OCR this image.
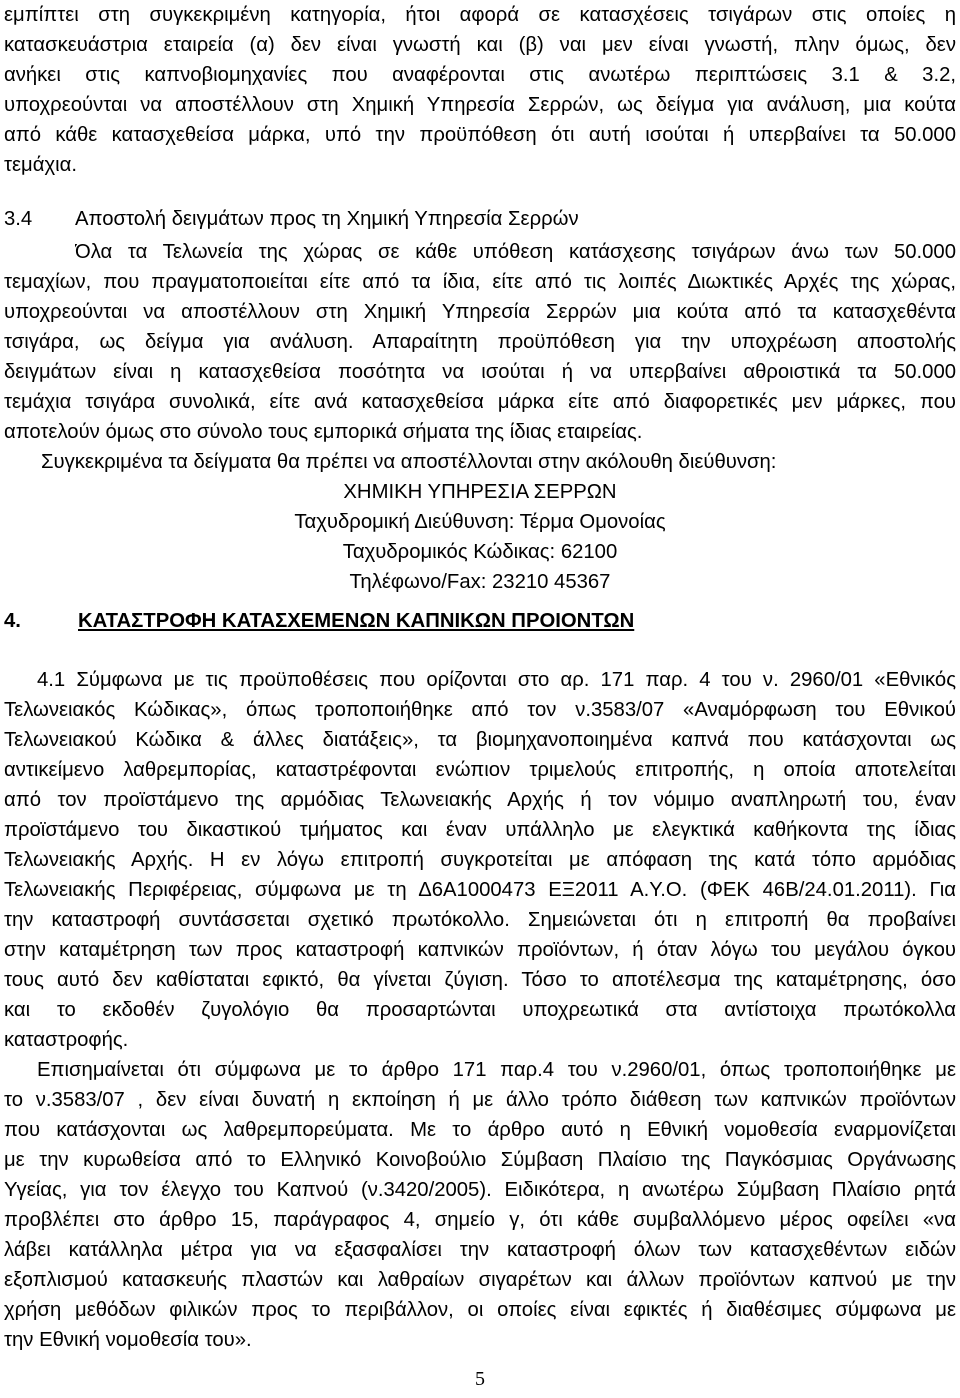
εμπίπτει στη συγκεκριμένη κατηγορία, ήτοι αφορά σε κατασχέσεις τσιγάρων στις οποίες η
κατασκευάστρια εταιρεία (α) δεν είναι γνωστή και (β) ναι μεν είναι γνωστή, πλην όμως, δεν
ανήκει στις καπνοβιομηχανίες που αναφέρονται στις ανωτέρω περιπτώσεις 3.1 & 3.2,
υποχρεούνται να αποστέλλουν στη Χημική Υπηρεσία Σερρών, ως δείγμα για ανάλυση, μια κούτα
από κάθε κατασχεθείσα μάρκα, υπό την προϋπόθεση ότι αυτή ισούται ή υπερβαίνει τα 50.000
τεμάχια.
3.4 Αποστολή δειγμάτων προς τη Χημική Υπηρεσία Σερρών
Όλα τα Τελωνεία της χώρας σε κάθε υπόθεση κατάσχεσης τσιγάρων άνω των 50.000
τεμαχίων, που πραγματοποιείται είτε από τα ίδια, είτε από τις λοιπές Διωκτικές Αρχές της χώρας,
υποχρεούνται να αποστέλλουν στη Χημική Υπηρεσία Σερρών μια κούτα από τα κατασχεθέντα
τσιγάρα, ως δείγμα για ανάλυση. Απαραίτητη προϋπόθεση για την υποχρέωση αποστολής
δειγμάτων είναι η κατασχεθείσα ποσότητα να ισούται ή να υπερβαίνει αθροιστικά τα 50.000
τεμάχια τσιγάρα συνολικά, είτε ανά κατασχεθείσα μάρκα είτε από διαφορετικές μεν μάρκες, που
αποτελούν όμως στο σύνολο τους εμπορικά σήματα της ίδιας εταιρείας.
Συγκεκριμένα τα δείγματα θα πρέπει να αποστέλλονται στην ακόλουθη διεύθυνση:
ΧΗΜΙΚΗ ΥΠΗΡΕΣΙΑ ΣΕΡΡΩΝ
Ταχυδρομική Διεύθυνση: Τέρμα Ομονοίας
Ταχυδρομικός Κώδικας: 62100
Τηλέφωνο/Fax: 23210 45367
4.	ΚΑΤΑΣΤΡΟΦΗ ΚΑΤΑΣΧΕΜΕΝΩΝ ΚΑΠΝΙΚΩΝ ΠΡΟΙΟΝΤΩΝ
4.1 Σύμφωνα με τις προϋποθέσεις που ορίζονται στο αρ. 171 παρ. 4 του ν. 2960/01 «Εθνικός
Τελωνειακός Κώδικας», όπως τροποποιήθηκε από τον ν.3583/07 «Αναμόρφωση του Εθνικού
Τελωνειακού Κώδικα & άλλες διατάξεις», τα βιομηχανοποιημένα καπνά που κατάσχονται ως
αντικείμενο λαθρεμπορίας, καταστρέφονται ενώπιον τριμελούς επιτροπής, η οποία αποτελείται
από τον προϊστάμενο της αρμόδιας Τελωνειακής Αρχής ή τον νόμιμο αναπληρωτή του, έναν
προϊστάμενο του δικαστικού τμήματος και έναν υπάλληλο με ελεγκτικά καθήκοντα της ίδιας
Τελωνειακής Αρχής. Η εν λόγω επιτροπή συγκροτείται με απόφαση της κατά τόπο αρμόδιας
Τελωνειακής Περιφέρειας, σύμφωνα με τη Δ6Α1000473 ΕΞ2011 Α.Υ.Ο. (ΦΕΚ 46Β/24.01.2011). Για
την καταστροφή συντάσσεται σχετικό πρωτόκολλο. Σημειώνεται ότι η επιτροπή θα προβαίνει
στην καταμέτρηση των προς καταστροφή καπνικών προϊόντων, ή όταν λόγω του μεγάλου όγκου
τους αυτό δεν καθίσταται εφικτό, θα γίνεται ζύγιση. Τόσο το αποτέλεσμα της καταμέτρησης, όσο
και το εκδοθέν ζυγολόγιο θα προσαρτώνται υποχρεωτικά στα αντίστοιχα πρωτόκολλα
καταστροφής.
Επισημαίνεται ότι σύμφωνα με το άρθρο 171 παρ.4 του ν.2960/01, όπως τροποποιήθηκε με
το ν.3583/07 , δεν είναι δυνατή η εκποίηση ή με άλλο τρόπο διάθεση των καπνικών προϊόντων
που κατάσχονται ως λαθρεμπορεύματα. Με το άρθρο αυτό η Εθνική νομοθεσία εναρμονίζεται
με την κυρωθείσα από το Ελληνικό Κοινοβούλιο Σύμβαση Πλαίσιο της Παγκόσμιας Οργάνωσης
Υγείας, για τον έλεγχο του Καπνού (ν.3420/2005). Ειδικότερα, η ανωτέρω Σύμβαση Πλαίσιο ρητά
προβλέπει στο άρθρο 15, παράγραφος 4, σημείο γ, ότι κάθε συμβαλλόμενο μέρος οφείλει «να
λάβει κατάλληλα μέτρα για να εξασφαλίσει την καταστροφή όλων των κατασχεθέντων ειδών
εξοπλισμού κατασκευής πλαστών και λαθραίων σιγαρέτων και άλλων προϊόντων καπνού με την
χρήση μεθόδων φιλικών προς το περιβάλλον, οι οποίες είναι εφικτές ή διαθέσιμες σύμφωνα με
την Εθνική νομοθεσία του».
5
